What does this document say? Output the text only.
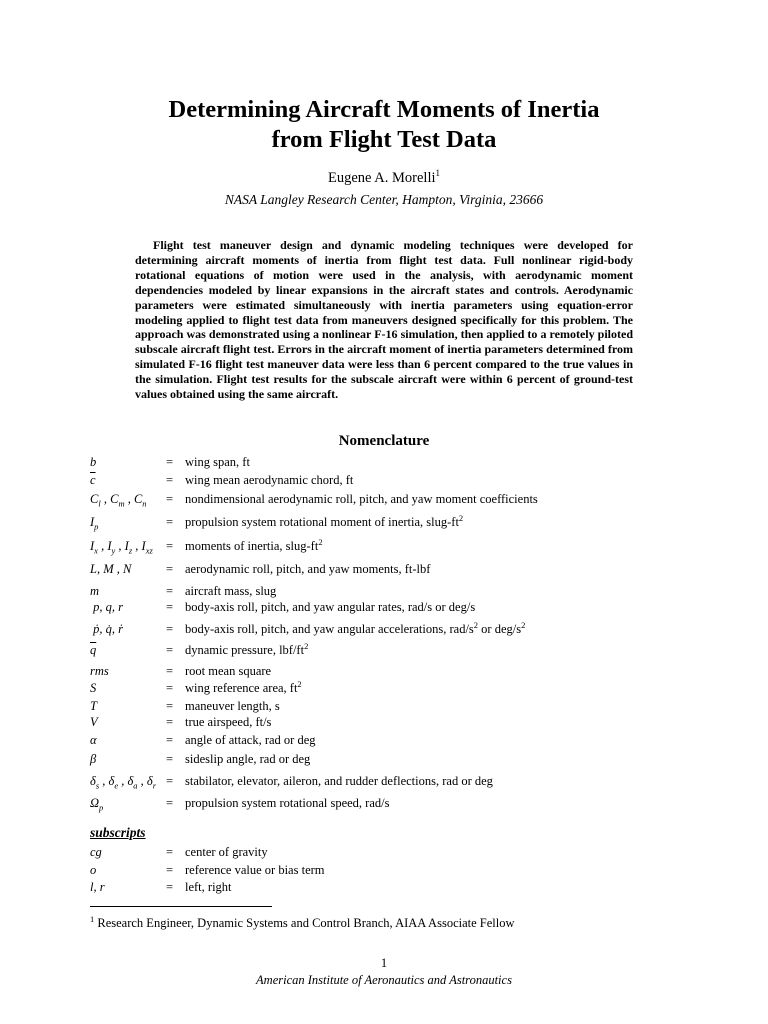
Determining Aircraft Moments of Inertia
from Flight Test Data
Eugene A. Morelli$^1$
NASA Langley Research Center, Hampton, Virginia, 23666

Flight test maneuver design and dynamic modeling techniques were developed for determining aircraft moments of inertia from flight test data. Full nonlinear rigid-body rotational equations of motion were used in the analysis, with aerodynamic moment dependencies modeled by linear expansions in the aircraft states and controls. Aerodynamic parameters were estimated simultaneously with inertia parameters using equation-error modeling applied to flight test data from maneuvers designed specifically for this problem. The approach was demonstrated using a nonlinear F-16 simulation, then applied to a remotely piloted subscale aircraft flight test. Errors in the aircraft moment of inertia parameters determined from simulated F-16 flight test maneuver data were less than 6 percent compared to the true values in the simulation. Flight test results for the subscale aircraft were within 6 percent of ground-test values obtained using the same aircraft.

Nomenclature
b	= wing span, ft
$\overline{c}$	= wing mean aerodynamic chord, ft
$C_l$ , $C_m$ , $C_n$ = nondimensional aerodynamic roll, pitch, and yaw moment coefficients
$I_p$	= propulsion system rotational moment of inertia, slug-$ft^2$
$I_x$ , $I_y$ , $I_z$ , $I_{xz}$ = moments of inertia, slug-$ft^2$
L, M , N	= aerodynamic roll, pitch, and yaw moments, ft-lbf
m	= aircraft mass, slug
p, q, r	= body-axis roll, pitch, and yaw angular rates, rad/s or deg/s
ṗ, q̇, ṙ	= body-axis roll, pitch, and yaw angular accelerations, rad/$s^2$ or deg/$s^2$
$\overline{q}$	= dynamic pressure, lbf/$ft^2$
rms	= root mean square
S	= wing reference area, $ft^2$
T	= maneuver length, s
V	= true airspeed, ft/s
α	= angle of attack, rad or deg
β	= sideslip angle, rad or deg
$\delta_s$ , $\delta_e$ , $\delta_a$ , $\delta_r$ = stabilator, elevator, aileron, and rudder deflections, rad or deg
$\Omega_p$	= propulsion system rotational speed, rad/s
subscripts
cg	= center of gravity
o	= reference value or bias term
l, r	= left, right
$^1$ Research Engineer, Dynamic Systems and Control Branch, AIAA Associate Fellow
1
American Institute of Aeronautics and Astronautics
